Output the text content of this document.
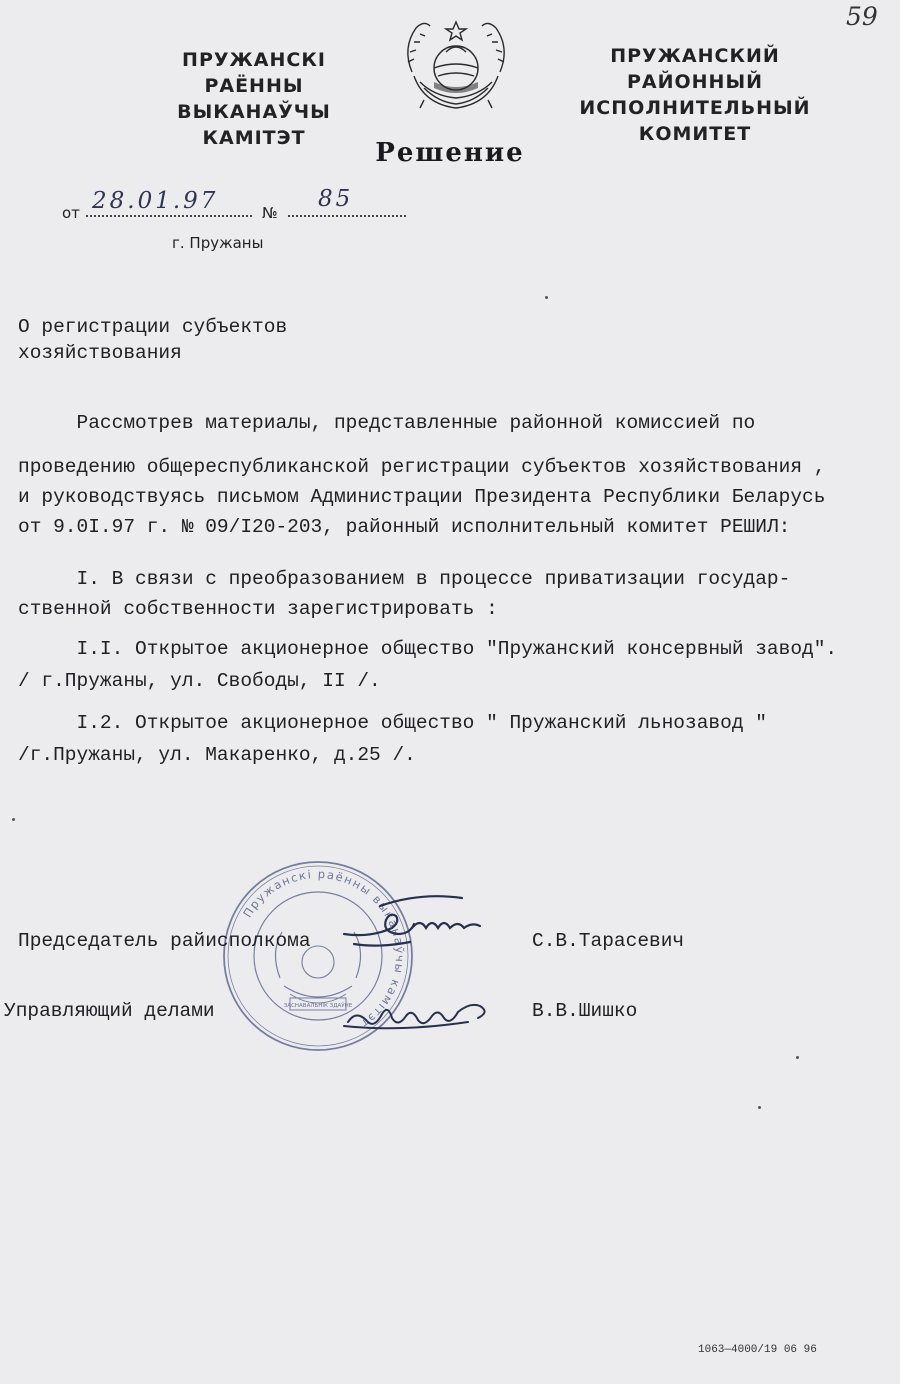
59
ПРУЖАНСКІ РАЁННЫ
ВЫКАНАЎЧЫ КАМІТЭТ
ПРУЖАНСКИЙ РАЙОННЫЙ
ИСПОЛНИТЕЛЬНЫЙ КОМИТЕТ
Решение
от 28.01.97	№
85
г. Пружаны
О регистрации субъектов
хозяйствования
Рассмотрев материалы, представленные районной комиссией по
проведению общереспубликанской регистрации субъектов хозяйствования ,
и руководствуясь письмом Администрации Президента Республики Беларусь
от 9.0I.97 г. № 09/I20-203, районный исполнительный комитет РЕШИЛ:
I. В связи с преобразованием в процессе приватизации государ-
ственной собственности зарегистрировать :
I.I. Открытое акционерное общество "Пружанский консервный завод".
/ г.Пружаны, ул. Свободы, II /.
I.2. Открытое акционерное общество " Пружанский льнозавод "
/г.Пружаны, ул. Макаренко, д.25 /.
Пружанскі раённы выканаўчы камітэт
ЗАСНАВАЛЬНІК ЗДАЎНЕ
Председатель райисполкома	С.В.Тарасевич
Управляющий делами	В.В.Шишко
1063—4000/19 06 96
